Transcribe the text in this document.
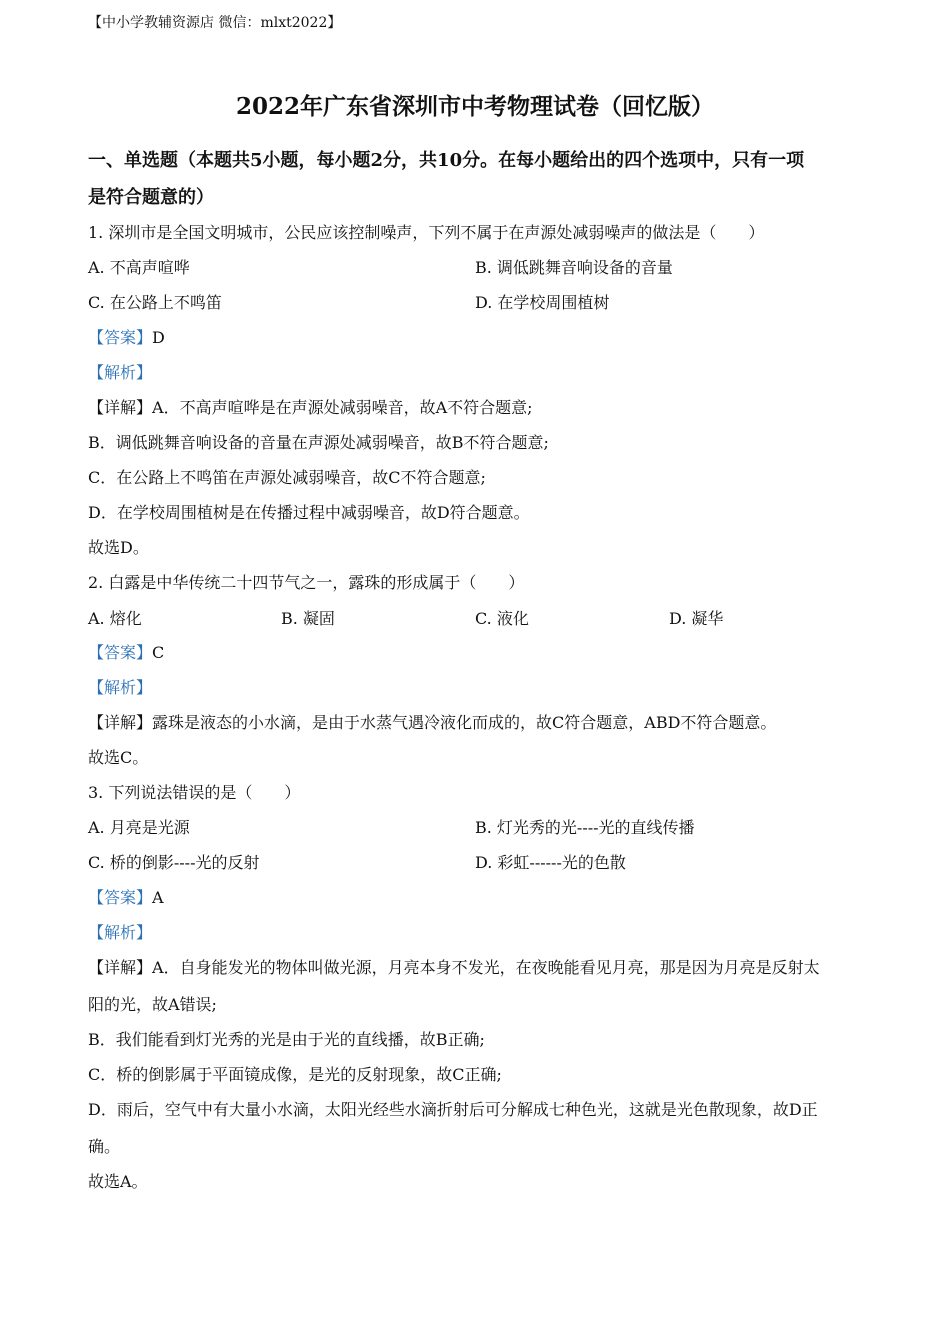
【中小学教辅资源店 微信：mlxt2022】
2022年广东省深圳市中考物理试卷（回忆版）
一、单选题（本题共5小题，每小题2分，共10分。在每小题给出的四个选项中，只有一项
是符合题意的）
1. 深圳市是全国文明城市，公民应该控制噪声，下列不属于在声源处减弱噪声的做法是（　　）
A. 不高声喧哗	B. 调低跳舞音响设备的音量
C. 在公路上不鸣笛	D. 在学校周围植树
【答案】D
【解析】
【详解】A．不高声喧哗是在声源处减弱噪音，故A不符合题意;
B．调低跳舞音响设备的音量在声源处减弱噪音，故B不符合题意;
C．在公路上不鸣笛在声源处减弱噪音，故C不符合题意;
D．在学校周围植树是在传播过程中减弱噪音，故D符合题意。
故选D。
2. 白露是中华传统二十四节气之一，露珠的形成属于（　　）
A. 熔化	B. 凝固	C. 液化	D. 凝华
【答案】C
【解析】
【详解】露珠是液态的小水滴，是由于水蒸气遇冷液化而成的，故C符合题意，ABD不符合题意。
故选C。
3. 下列说法错误的是（　　）
A. 月亮是光源	B. 灯光秀的光----光的直线传播
C. 桥的倒影----光的反射	D. 彩虹------光的色散
【答案】A
【解析】
【详解】A．自身能发光的物体叫做光源，月亮本身不发光，在夜晚能看见月亮，那是因为月亮是反射太
阳的光，故A错误;
B．我们能看到灯光秀的光是由于光的直线播，故B正确;
C．桥的倒影属于平面镜成像，是光的反射现象，故C正确;
D．雨后，空气中有大量小水滴，太阳光经些水滴折射后可分解成七种色光，这就是光色散现象，故D正
确。
故选A。
